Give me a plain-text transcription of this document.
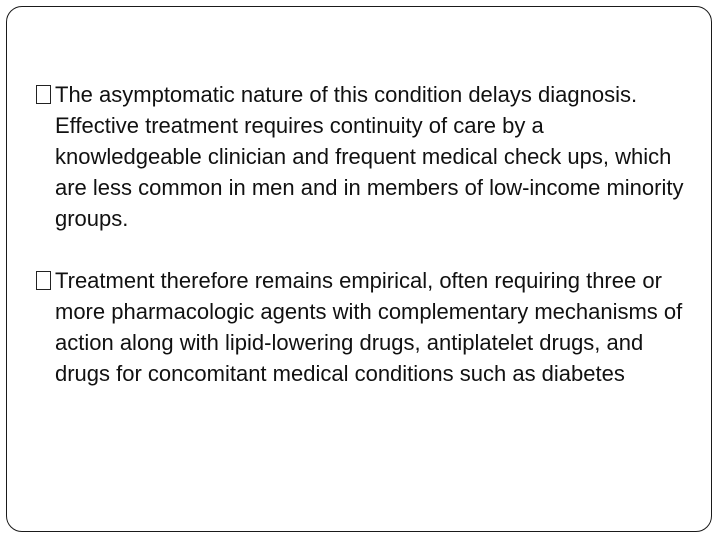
The asymptomatic nature of this condition delays diagnosis. Effective treatment requires continuity of care by a knowledgeable clinician and frequent medical check ups, which are less common in men and in members of low-income minority groups.
Treatment therefore remains empirical, often requiring three or more pharmacologic agents with complementary mechanisms of action along with lipid-lowering drugs, antiplatelet drugs, and drugs for concomitant medical conditions such as diabetes
